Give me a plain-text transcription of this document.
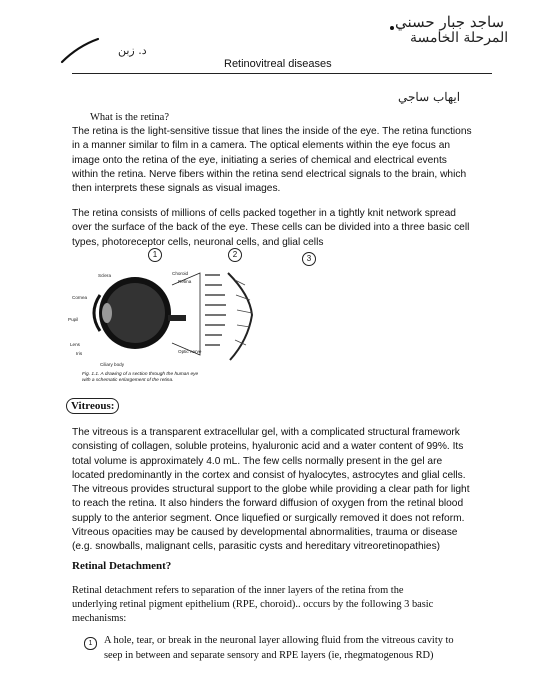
ساجد جبار حسني
المرحلة الخامسة
د. زبن
Retinovitreal diseases
ايهاب ساجي
What is the retina?
The retina is the light-sensitive tissue that lines the inside of the eye. The retina functions
in a manner similar to film in a camera. The optical elements within the eye focus an
image onto the retina of the eye, initiating a series of chemical and electrical events
within the retina. Nerve fibers within the retina send electrical signals to the brain, which
then interprets these signals as visual images.
The retina consists of millions of cells packed together in a tightly knit network spread
over the surface of the back of the eye. These cells can be divided into a three basic cell
types, photoreceptor cells, neuronal cells, and glial cells
1	2	3
Sclera	Choroid
Retina
Cornea
Pupil
Lens
Iris	Optic nerve
Ciliary body
Fig. 1.1. A drawing of a section through the human eye
with a schematic enlargement of the retina.
Vitreous:
The vitreous is a transparent extracellular gel, with a complicated structural framework
consisting of collagen, soluble proteins, hyaluronic acid and a water content of 99%. Its
total volume is approximately 4.0 mL. The few cells normally present in the gel are
located predominantly in the cortex and consist of hyalocytes, astrocytes and glial cells.
The vitreous provides structural support to the globe while providing a clear path for light
to reach the retina. It also hinders the forward diffusion of oxygen from the retinal blood
supply to the anterior segment. Once liquefied or surgically removed it does not reform.
Vitreous opacities may be caused by developmental abnormalities, trauma or disease
(e.g. snowballs, malignant cells, parasitic cysts and hereditary vitreoretinopathies)
Retinal Detachment?
Retinal detachment refers to separation of the inner layers of the retina from the
underlying retinal pigment epithelium (RPE, choroid).. occurs by the following 3 basic
mechanisms:
1	A hole, tear, or break in the neuronal layer allowing fluid from the vitreous cavity to
seep in between and separate sensory and RPE layers (ie, rhegmatogenous RD)
